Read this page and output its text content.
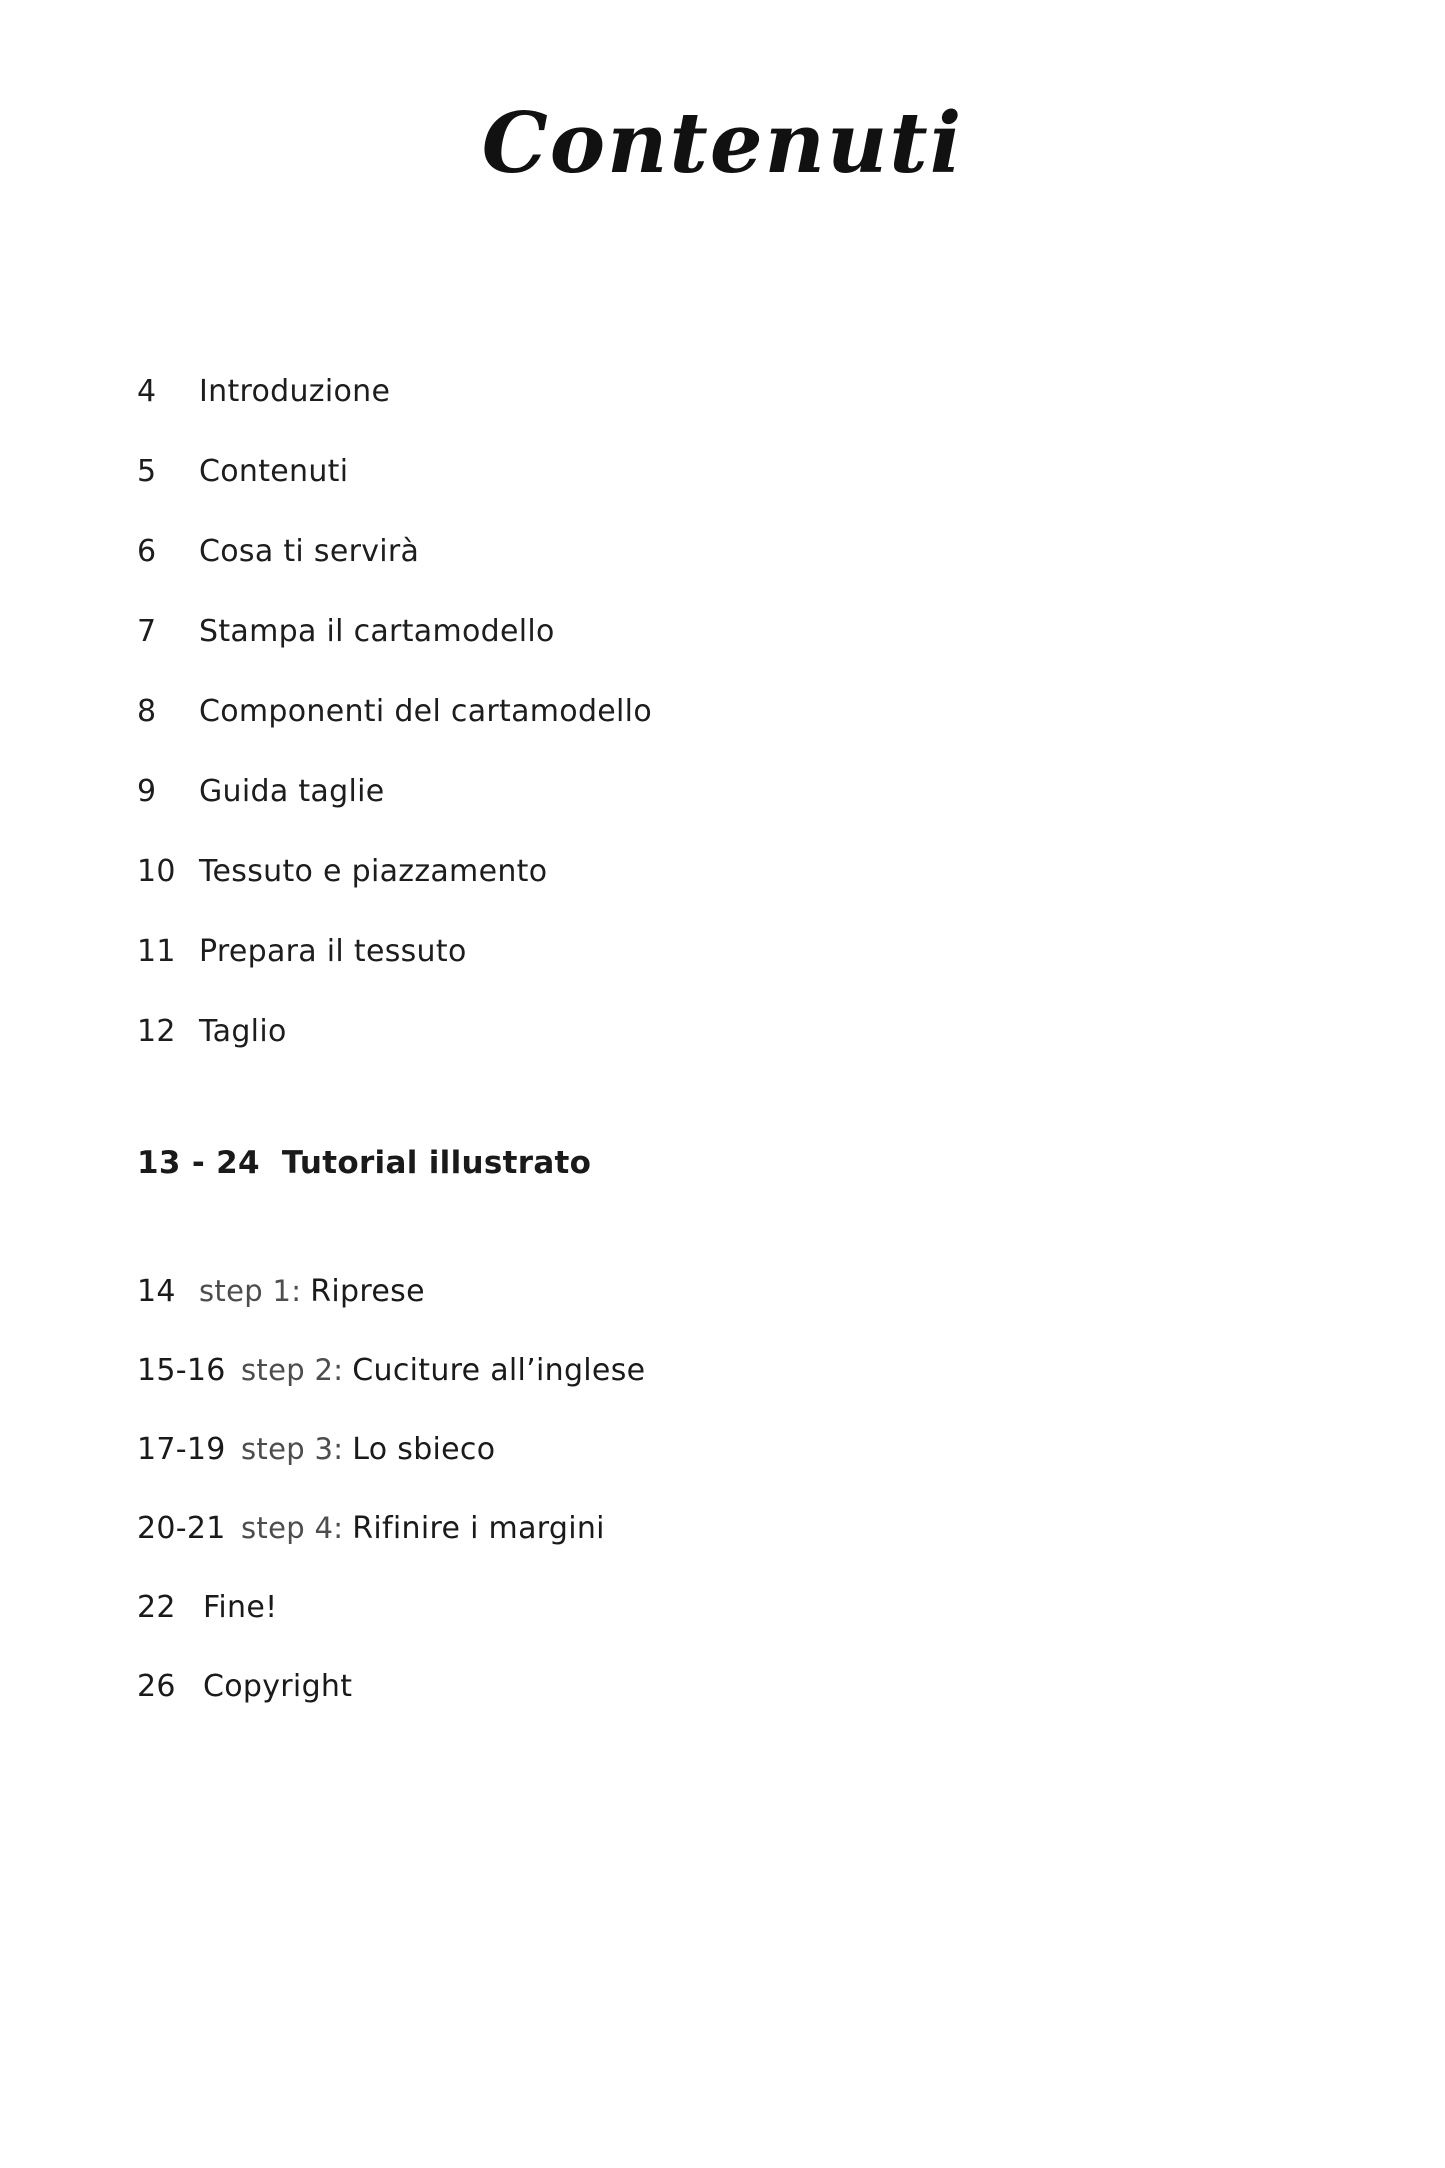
Contenuti
4	Introduzione
5	Contenuti
6	Cosa ti servirà
7	Stampa il cartamodello
8	Componenti del cartamodello
9	Guida taglie
10 Tessuto e piazzamento
11 Prepara il tessuto
12 Taglio
13 - 24 Tutorial illustrato
14 step 1: Riprese
15-16 step 2: Cuciture all’inglese
17-19 step 3: Lo sbieco
20-21 step 4: Rifinire i margini
22 Fine!
26 Copyright
